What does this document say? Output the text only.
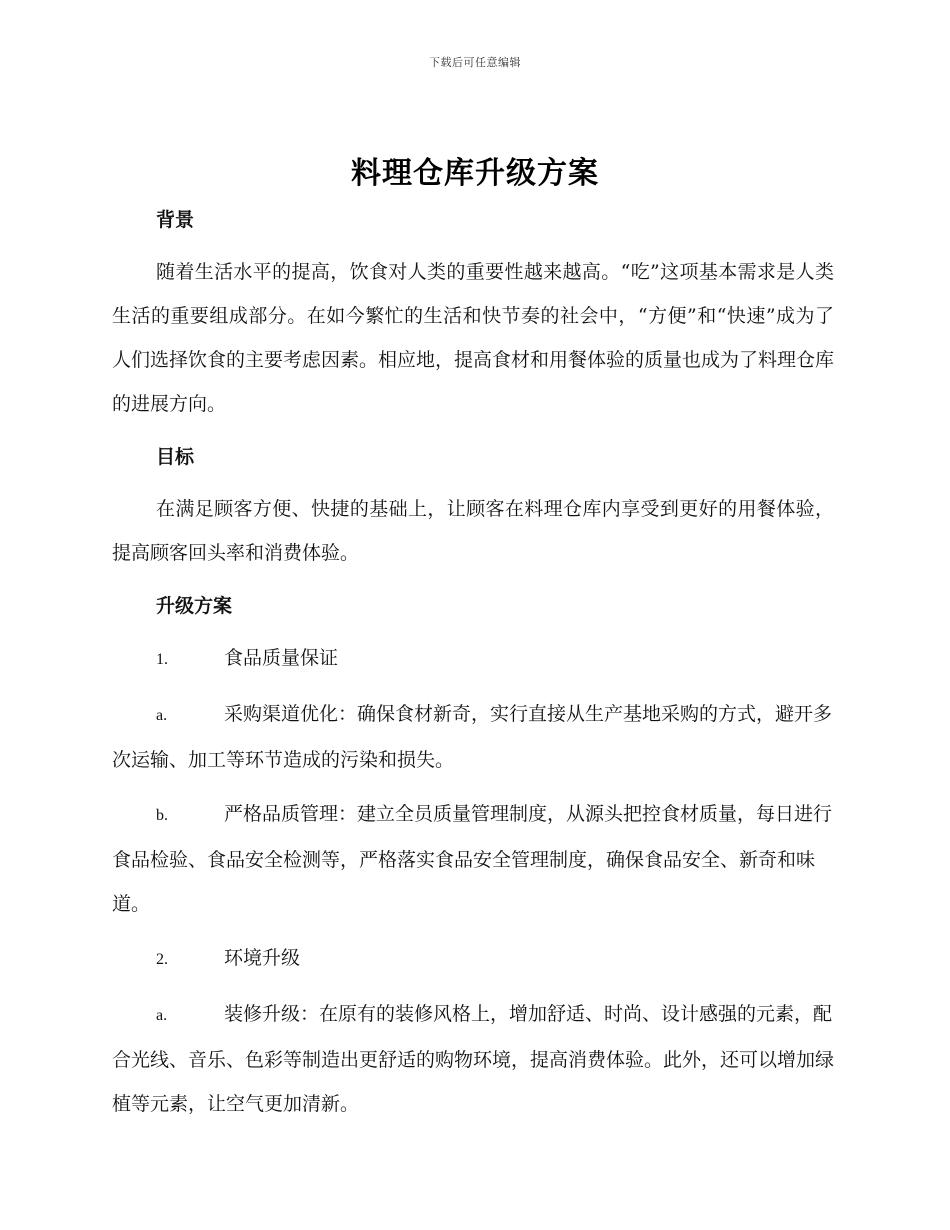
下载后可任意编辑
料理仓库升级方案
背景

随着生活水平的提高，饮食对人类的重要性越来越高。“吃”这项基本需求是人类生活的重要组成部分。在如今繁忙的生活和快节奏的社会中，“方便”和“快速”成为了人们选择饮食的主要考虑因素。相应地，提高食材和用餐体验的质量也成为了料理仓库的进展方向。

目标

在满足顾客方便、快捷的基础上，让顾客在料理仓库内享受到更好的用餐体验，提高顾客回头率和消费体验。

升级方案

1.	食品质量保证

a.	采购渠道优化：确保食材新奇，实行直接从生产基地采购的方式，避开多次运输、加工等环节造成的污染和损失。

b.	严格品质管理：建立全员质量管理制度，从源头把控食材质量，每日进行食品检验、食品安全检测等，严格落实食品安全管理制度，确保食品安全、新奇和味道。

2.	环境升级

a.	装修升级：在原有的装修风格上，增加舒适、时尚、设计感强的元素，配合光线、音乐、色彩等制造出更舒适的购物环境，提高消费体验。此外，还可以增加绿植等元素，让空气更加清新。
